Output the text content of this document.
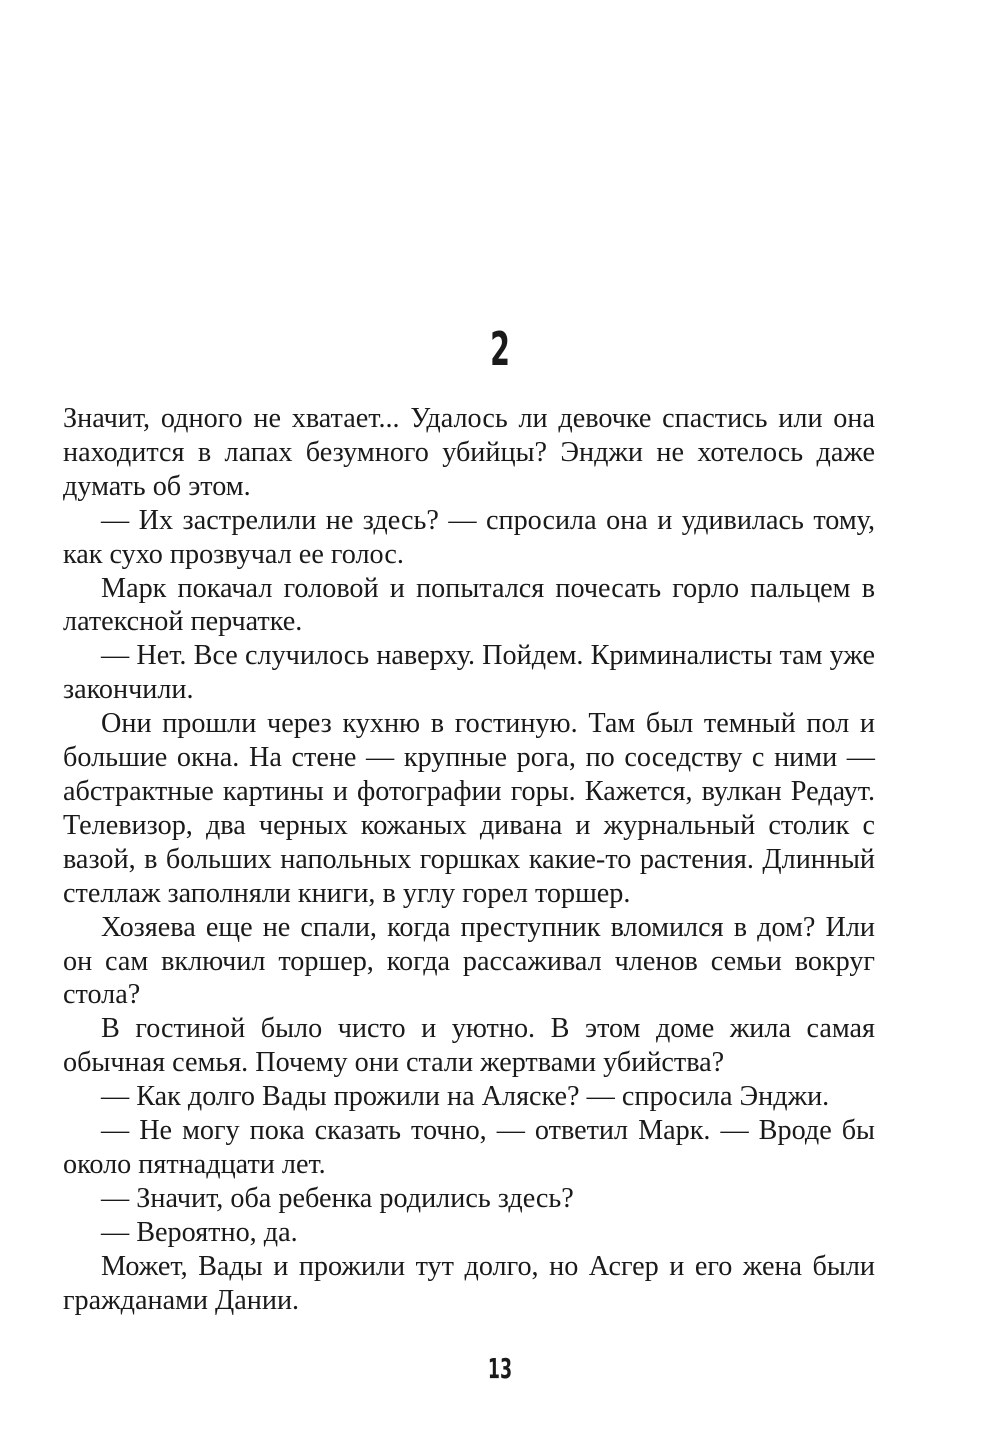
2

Значит, одного не хватает... Удалось ли девочке спастись или она находится в лапах безумного убийцы? Энджи не хотелось даже думать об этом.

— Их застрелили не здесь? — спросила она и удивилась тому, как сухо прозвучал ее голос.

Марк покачал головой и попытался почесать горло пальцем в латексной перчатке.

— Нет. Все случилось наверху. Пойдем. Криминалисты там уже закончили.

Они прошли через кухню в гостиную. Там был темный пол и большие окна. На стене — крупные рога, по соседству с ними — абстрактные картины и фотографии горы. Кажется, вулкан Редаут. Телевизор, два черных кожаных дивана и журнальный столик с вазой, в больших напольных горшках какие-то растения. Длинный стеллаж заполняли книги, в углу горел торшер.

Хозяева еще не спали, когда преступник вломился в дом? Или он сам включил торшер, когда рассаживал членов семьи вокруг стола?

В гостиной было чисто и уютно. В этом доме жила самая обычная семья. Почему они стали жертвами убийства?

— Как долго Вады прожили на Аляске? — спросила Энджи.

— Не могу пока сказать точно, — ответил Марк. — Вроде бы около пятнадцати лет.

— Значит, оба ребенка родились здесь?

— Вероятно, да.

Может, Вады и прожили тут долго, но Асгер и его жена были гражданами Дании.

13
